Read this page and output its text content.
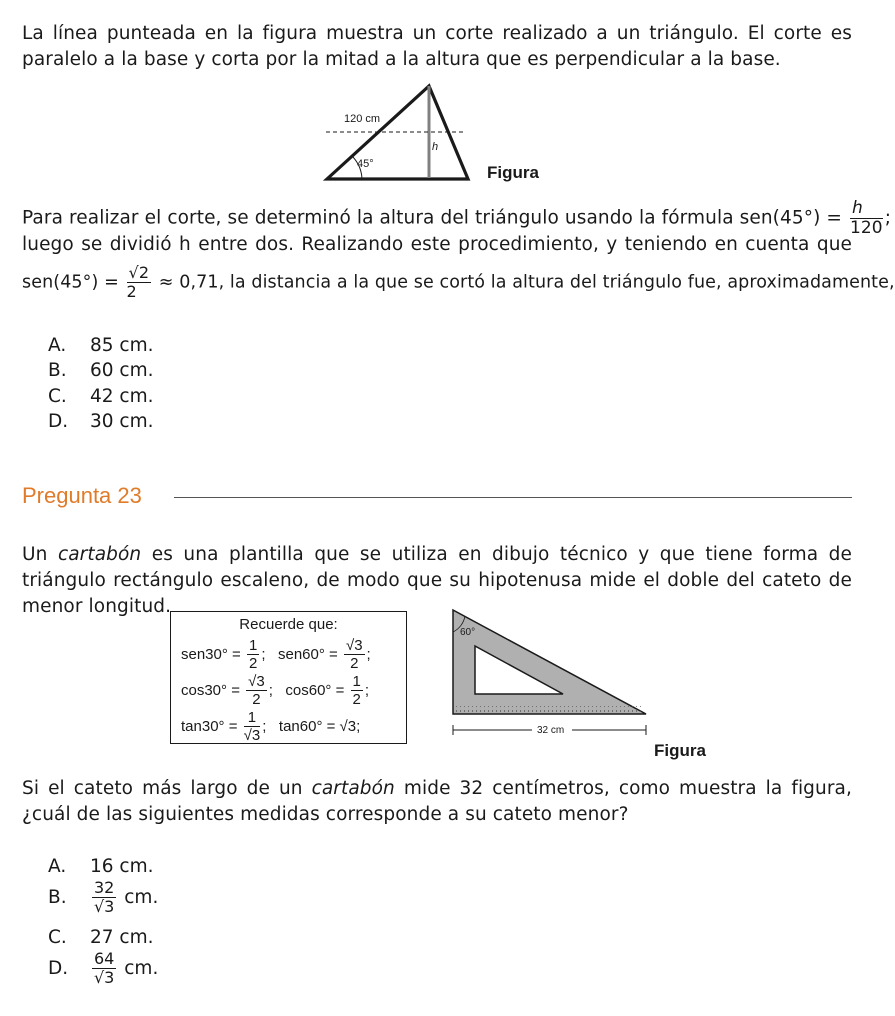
La línea punteada en la figura muestra un corte realizado a un triángulo. El corte es paralelo a la base y corta por la mitad a la altura que es perpendicular a la base.
120 cm
45°
h
Figura
Para realizar el corte, se determinó la altura del triángulo usando la fórmula $sen(45^\circ) = \frac{h}{120}$ ;
luego se dividió h entre dos. Realizando este procedimiento, y teniendo en cuenta que
$sen(45^\circ) = \frac{√2}{2} \approx 0,71$, la distancia a la que se cortó la altura del triángulo fue, aproximadamente,
A. 85 cm.
B. 60 cm.
C. 42 cm.
D. 30 cm.
Pregunta 23
Un cartabón es una plantilla que se utiliza en dibujo técnico y que tiene forma de triángulo rectángulo escaleno, de modo que su hipotenusa mide el doble del cateto de menor longitud.
Recuerde que:
$sen30^\circ = \frac{1}{2}$ ;   $sen60^\circ = \frac{√3}{2}$ ;
$\cos 30^\circ = \frac{√3}{2}$ ;   $\cos 60^\circ = \frac{1}{2}$ ;
$\tan 30^\circ = \frac{1}{√3}$ ;   tan60° = √3;
60°
32 cm
Figura
Si el cateto más largo de un cartabón mide 32 centímetros, como muestra la figura, ¿cuál de las siguientes medidas corresponde a su cateto menor?
A. 16 cm.
B. $\frac{32}{√3}$ cm.
C. 27 cm.
D. $\frac{64}{√3}$ cm.
